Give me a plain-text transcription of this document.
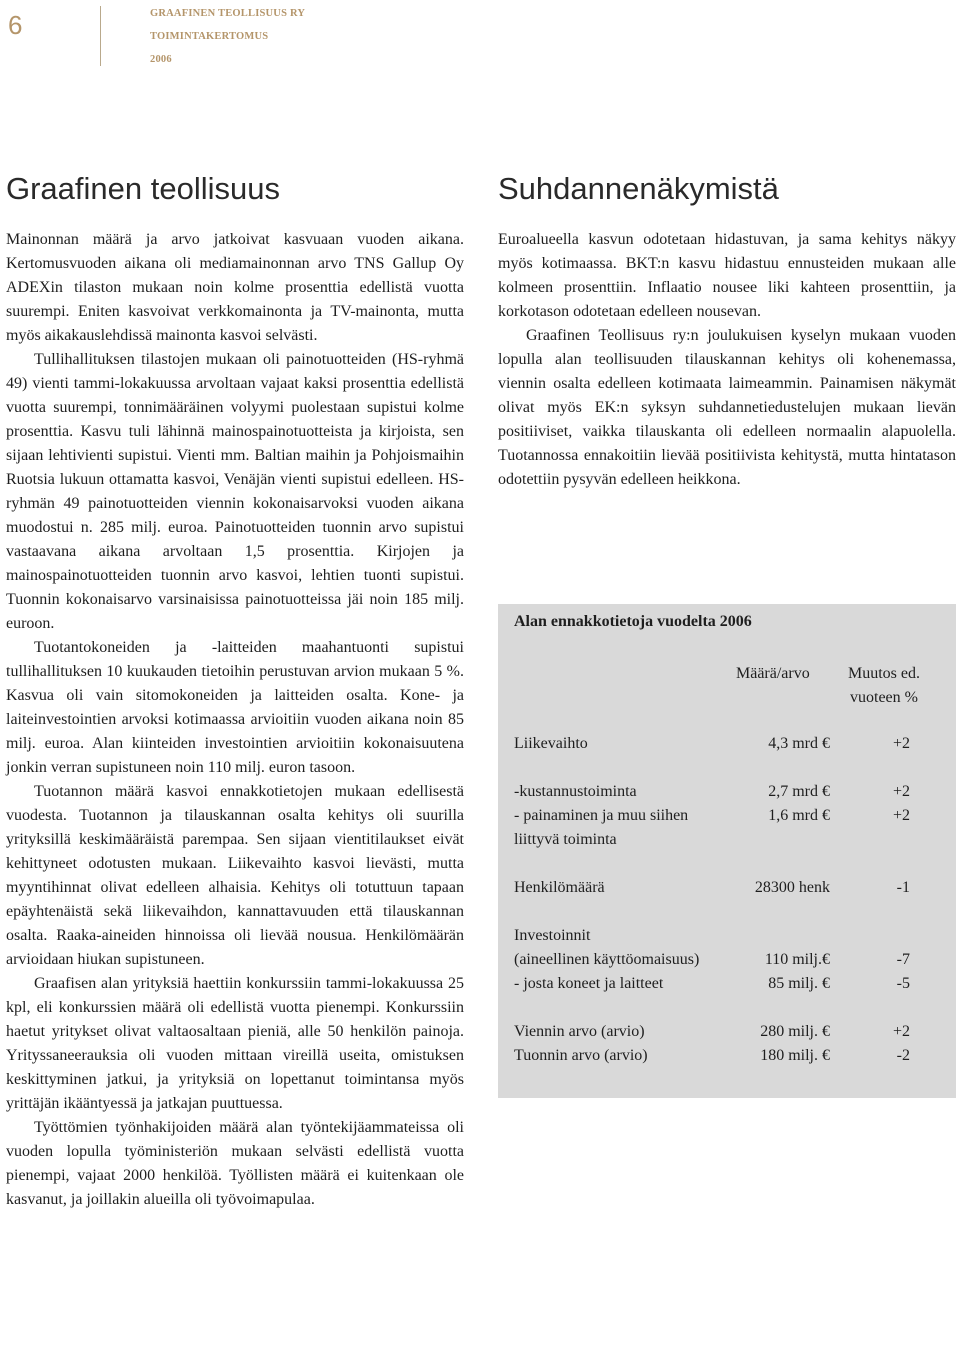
6	GRAAFINEN TEOLLISUUS RY
TOIMINTAKERTOMUS
2006
Graafinen teollisuus	Suhdannenäkymistä

Mainonnan määrä ja arvo jatkoivat kasvuaan vuoden aikana. Kertomusvuoden aikana oli mediamainonnan arvo TNS Gallup Oy ADEXin tilaston mukaan noin kolme prosenttia edellistä vuotta suurempi. Eniten kasvoivat verkkomainonta ja TV-mainonta, mutta myös aikakauslehdissä mainonta kasvoi selvästi.

Tullihallituksen tilastojen mukaan oli painotuotteiden (HS-ryhmä 49) vienti tammi-lokakuussa arvoltaan vajaat kaksi prosenttia edellistä vuotta suurempi, tonnimääräinen volyymi puolestaan supistui kolme prosenttia. Kasvu tuli lähinnä mainospainotuotteista ja kirjoista, sen sijaan lehtivienti supistui. Vienti mm. Baltian maihin ja Pohjoismaihin Ruotsia lukuun ottamatta kasvoi, Venäjän vienti supistui edelleen. HS-ryhmän 49 painotuotteiden viennin kokonaisarvoksi vuoden aikana muodostui n. 285 milj. euroa. Painotuotteiden tuonnin arvo supistui vastaavana aikana arvoltaan 1,5 prosenttia. Kirjojen ja mainospainotuotteiden tuonnin arvo kasvoi, lehtien tuonti supistui. Tuonnin kokonaisarvo varsinaisissa painotuotteissa jäi noin 185 milj. euroon.

Tuotantokoneiden ja -laitteiden maahantuonti supistui tullihallituksen 10 kuukauden tietoihin perustuvan arvion mukaan 5 %. Kasvua oli vain sitomokoneiden ja laitteiden osalta. Kone- ja laiteinvestointien arvoksi kotimaassa arvioitiin vuoden aikana noin 85 milj. euroa. Alan kiinteiden investointien arvioitiin kokonaisuutena jonkin verran supistuneen noin 110 milj. euron tasoon.

Tuotannon määrä kasvoi ennakkotietojen mukaan edellisestä vuodesta. Tuotannon ja tilauskannan osalta kehitys oli suurilla yrityksillä keskimääräistä parempaa. Sen sijaan vientitilaukset eivät kehittyneet odotusten mukaan. Liikevaihto kasvoi lievästi, mutta myyntihinnat olivat edelleen alhaisia. Kehitys oli totuttuun tapaan epäyhtenäistä sekä liikevaihdon, kannattavuuden että tilauskannan osalta. Raaka-aineiden hinnoissa oli lievää nousua. Henkilömäärän arvioidaan hiukan supistuneen.

Graafisen alan yrityksiä haettiin konkurssiin tammi-lokakuussa 25 kpl, eli konkurssien määrä oli edellistä vuotta pienempi. Konkurssiin haetut yritykset olivat valtaosaltaan pieniä, alle 50 henkilön painoja. Yrityssaneerauksia oli vuoden mittaan vireillä useita, omistuksen keskittyminen jatkui, ja yrityksiä on lopettanut toimintansa myös yrittäjän ikääntyessä ja jatkajan puuttuessa.

Työttömien työnhakijoiden määrä alan työntekijäammateissa oli vuoden lopulla työministeriön mukaan selvästi edellistä vuotta pienempi, vajaat 2000 henkilöä. Työllisten määrä ei kuitenkaan ole kasvanut, ja joillakin alueilla oli työvoimapulaa.

Euroalueella kasvun odotetaan hidastuvan, ja sama kehitys näkyy myös kotimaassa. BKT:n kasvu hidastuu ennusteiden mukaan alle kolmeen prosenttiin. Inflaatio nousee liki kahteen prosenttiin, ja korkotason odotetaan edelleen nousevan.

Graafinen Teollisuus ry:n joulukuisen kyselyn mukaan vuoden lopulla alan teollisuuden tilauskannan kehitys oli kohenemassa, viennin osalta edelleen kotimaata laimeammin. Painamisen näkymät olivat myös EK:n syksyn suhdannetiedustelujen mukaan lievän positiiviset, vaikka tilauskanta oli edelleen normaalin alapuolella. Tuotannossa ennakoitiin lievää positiivista kehitystä, mutta hintatason odotettiin pysyvän edelleen heikkona.

Alan ennakkotietoja vuodelta 2006
Määrä/arvo	Muutos ed.
vuoteen %
Liikevaihto	4,3 mrd €	+2
-kustannustoiminta	2,7 mrd €	+2
- painaminen ja muu siihen	1,6 mrd €	+2
liittyvä toiminta
Henkilömäärä	28300 henk	-1
Investoinnit
(aineellinen käyttöomaisuus)	110 milj.€	-7
- josta koneet ja laitteet	85 milj. €	-5
Viennin arvo (arvio)	280 milj. €	+2
Tuonnin arvo (arvio)	180 milj. €	-2
